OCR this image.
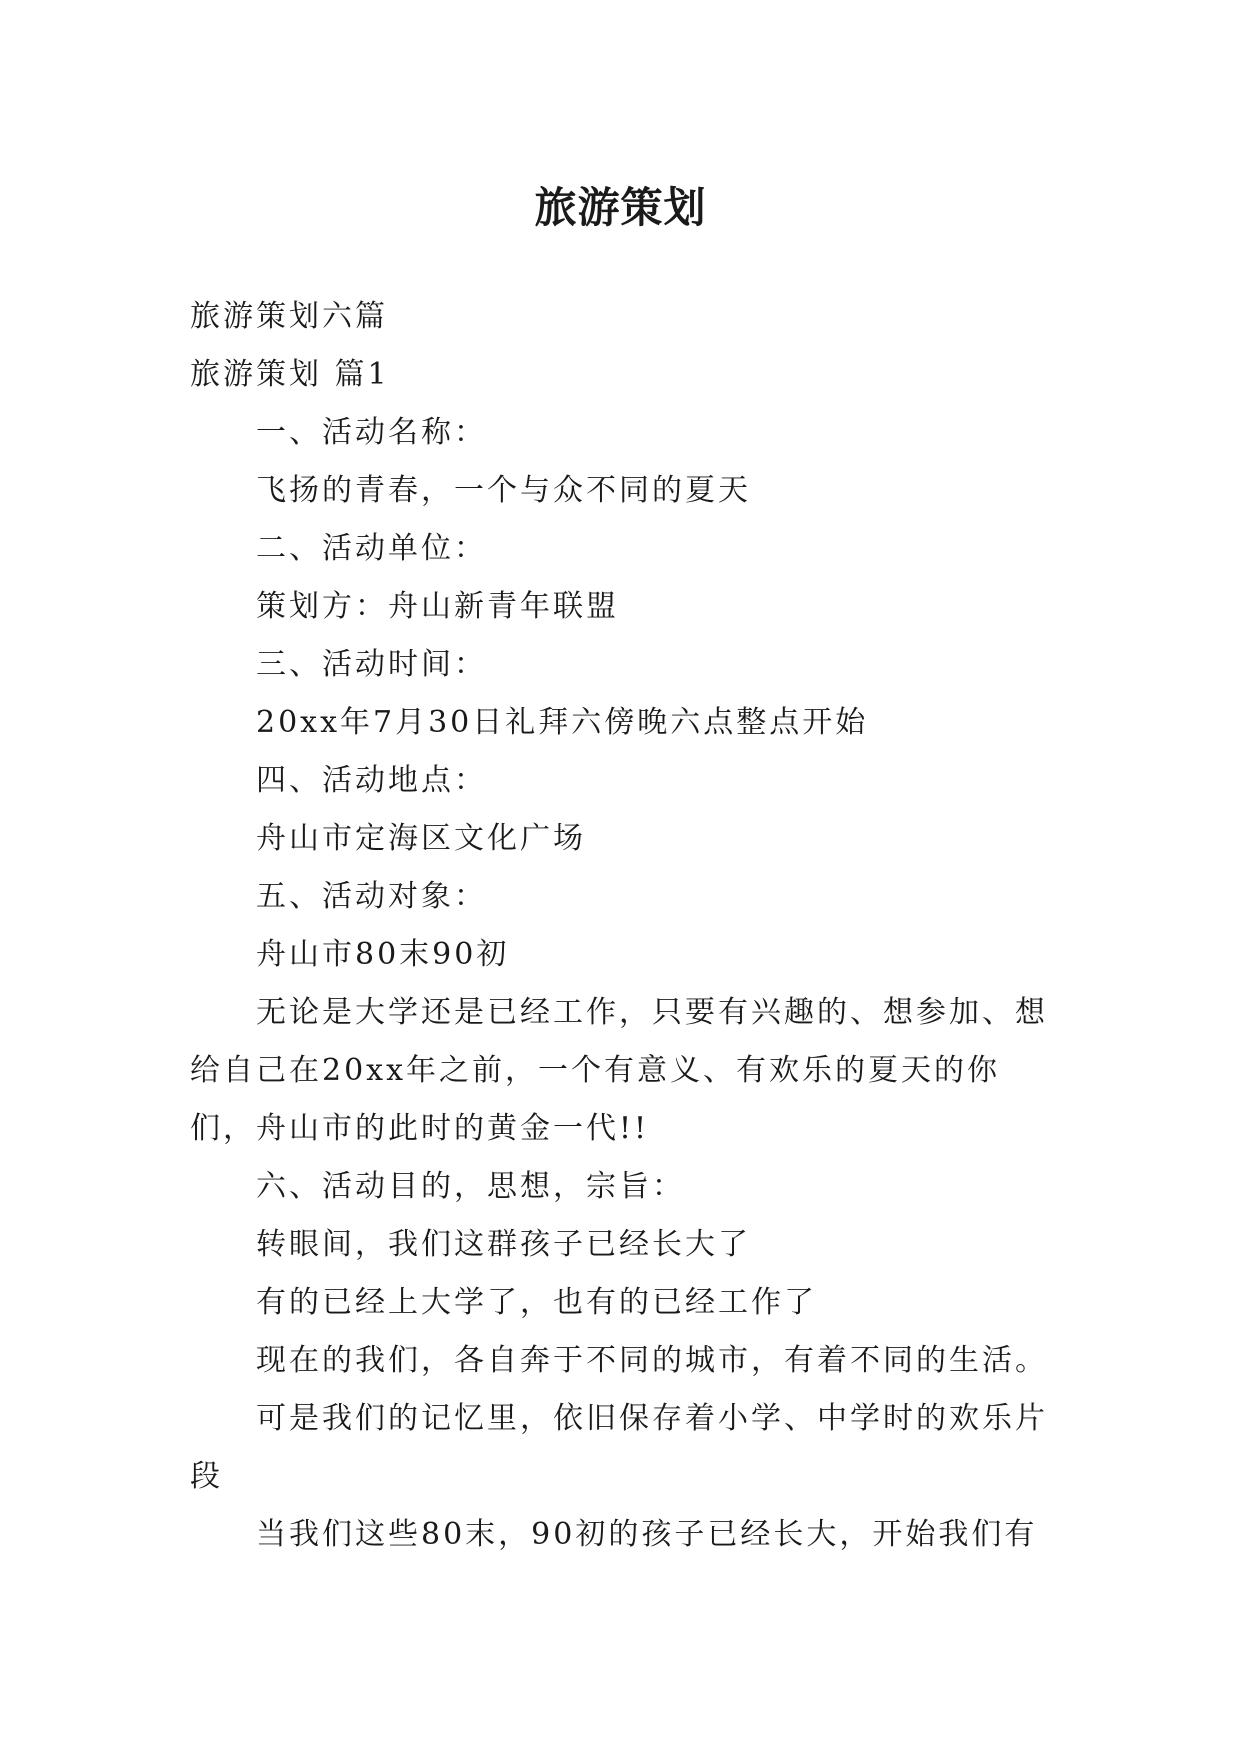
旅游策划

旅游策划六篇

旅游策划 篇1

一、活动名称：

飞扬的青春，一个与众不同的夏天

二、活动单位：

策划方：舟山新青年联盟

三、活动时间：

20xx年7月30日礼拜六傍晚六点整点开始

四、活动地点：

舟山市定海区文化广场

五、活动对象：

舟山市80末90初

无论是大学还是已经工作，只要有兴趣的、想参加、想给自己在20xx年之前，一个有意义、有欢乐的夏天的你们，舟山市的此时的黄金一代!!

六、活动目的，思想，宗旨：

转眼间，我们这群孩子已经长大了

有的已经上大学了，也有的已经工作了

现在的我们，各自奔于不同的城市，有着不同的生活。

可是我们的记忆里，依旧保存着小学、中学时的欢乐片段

当我们这些80末，90初的孩子已经长大，开始我们有
